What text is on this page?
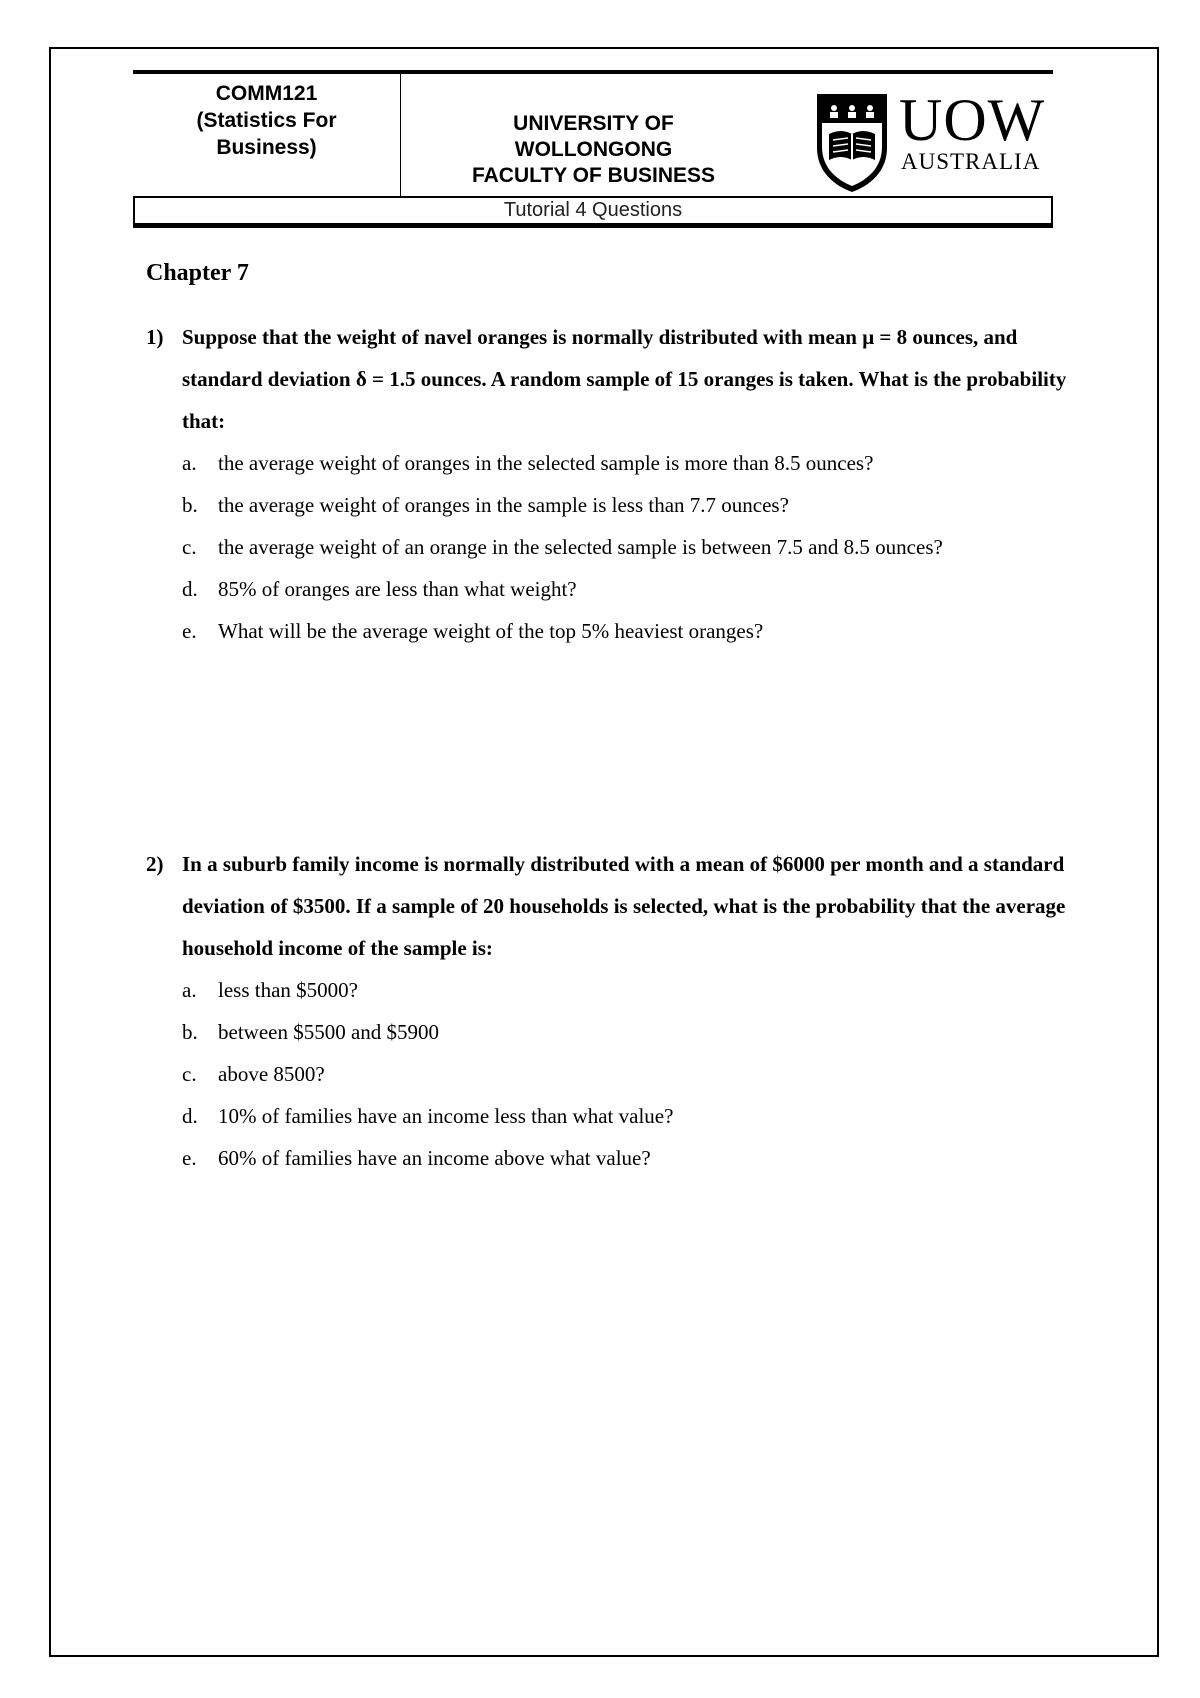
COMM121
(Statistics For
Business)
UNIVERSITY OF
WOLLONGONG
FACULTY OF BUSINESS
UOW
AUSTRALIA
Tutorial 4 Questions
Chapter 7
1) Suppose that the weight of navel oranges is normally distributed with mean μ = 8 ounces, and standard deviation δ = 1.5 ounces. A random sample of 15 oranges is taken. What is the probability that:
a. the average weight of oranges in the selected sample is more than 8.5 ounces?
b. the average weight of oranges in the sample is less than 7.7 ounces?
c. the average weight of an orange in the selected sample is between 7.5 and 8.5 ounces?
d. 85% of oranges are less than what weight?
e. What will be the average weight of the top 5% heaviest oranges?
2) In a suburb family income is normally distributed with a mean of $6000 per month and a standard deviation of $3500. If a sample of 20 households is selected, what is the probability that the average household income of the sample is:
a. less than $5000?
b. between $5500 and $5900
c. above 8500?
d. 10% of families have an income less than what value?
e. 60% of families have an income above what value?
